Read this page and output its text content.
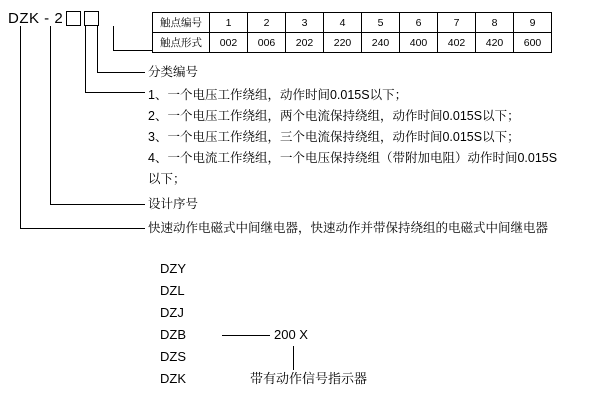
DZK - 2	触点编号	1	2	3	4	5	6	7	8	9
触点形式	002	006	202	220	240	400	402	420	600
分类编号
1、一个电压工作绕组，动作时间0.015S以下；
2、一个电压工作绕组，两个电流保持绕组，动作时间0.015S以下；
3、一个电压工作绕组，三个电流保持绕组，动作时间0.015S以下；
4、一个电流工作绕组，一个电压保持绕组（带附加电阻）动作时间0.015S
以下；
设计序号
快速动作电磁式中间继电器，快速动作并带保持绕组的电磁式中间继电器
DZY
DZL
DZJ
DZB	200 X
带有动作信号指示器
DZS
DZK
